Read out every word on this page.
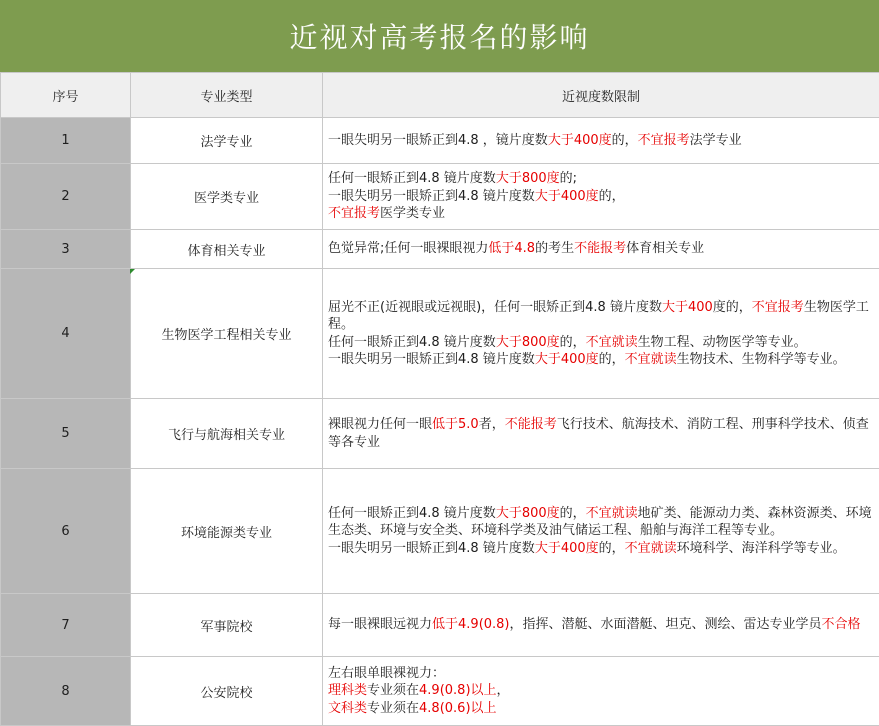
近视对高考报名的影响
序号	专业类型	近视度数限制
1	法学专业	一眼失明另一眼矫正到4.8 ，镜片度数大于400度的，不宜报考法学专业

2	医学类专业	任何一眼矫正到4.8 镜片度数大于800度的;
一眼失明另一眼矫正到4.8 镜片度数大于400度的，
不宜报考医学类专业

3	体育相关专业	色觉异常;任何一眼裸眼视力低于4.8的考生不能报考体育相关专业

4	生物医学工程相关专业	屈光不正(近视眼或远视眼)，任何一眼矫正到4.8 镜片度数大于400度的，不宜报考生物医学工程。
任何一眼矫正到4.8 镜片度数大于800度的，不宜就读生物工程、动物医学等专业。
一眼失明另一眼矫正到4.8 镜片度数大于400度的，不宜就读生物技术、生物科学等专业。

5	飞行与航海相关专业	裸眼视力任何一眼低于5.0者，不能报考飞行技术、航海技术、消防工程、刑事科学技术、侦查等各专业

6	环境能源类专业	任何一眼矫正到4.8 镜片度数大于800度的，不宜就读地矿类、能源动力类、森林资源类、环境生态类、环境与安全类、环境科学类及油气储运工程、船舶与海洋工程等专业。
一眼失明另一眼矫正到4.8 镜片度数大于400度的，不宜就读环境科学、海洋科学等专业。

7	军事院校	每一眼裸眼远视力低于4.9(0.8)，指挥、潜艇、水面潜艇、坦克、测绘、雷达专业学员不合格

8	公安院校	左右眼单眼裸视力：
理科类专业须在4.9(0.8)以上，
文科类专业须在4.8(0.6)以上
